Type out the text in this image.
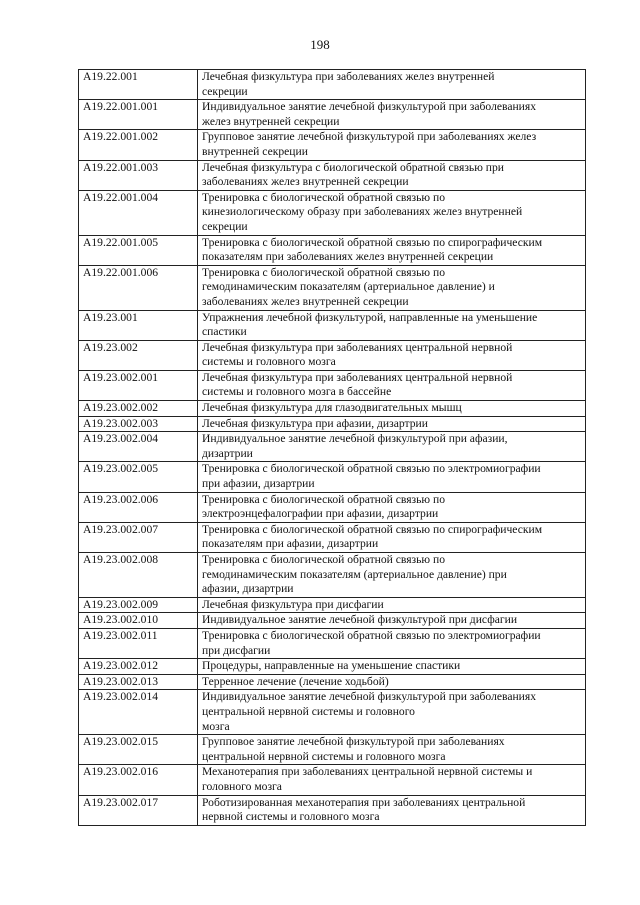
198
A19.22.001	Лечебная физкультура при заболеваниях желез внутренней
секреции
A19.22.001.001	Индивидуальное занятие лечебной физкультурой при заболеваниях
желез внутренней секреции
A19.22.001.002	Групповое занятие лечебной физкультурой при заболеваниях желез
внутренней секреции
A19.22.001.003	Лечебная физкультура с биологической обратной связью при
заболеваниях желез внутренней секреции
A19.22.001.004	Тренировка с биологической обратной связью по
кинезиологическому образу при заболеваниях желез внутренней
секреции
A19.22.001.005	Тренировка с биологической обратной связью по спирографическим
показателям при заболеваниях желез внутренней секреции
A19.22.001.006	Тренировка с биологической обратной связью по
гемодинамическим показателям (артериальное давление) и
заболеваниях желез внутренней секреции
A19.23.001	Упражнения лечебной физкультурой, направленные на уменьшение
спастики
A19.23.002	Лечебная физкультура при заболеваниях центральной нервной
системы и головного мозга
A19.23.002.001	Лечебная физкультура при заболеваниях центральной нервной
системы и головного мозга в бассейне
A19.23.002.002	Лечебная физкультура для глазодвигательных мышц
A19.23.002.003	Лечебная физкультура при афазии, дизартрии
A19.23.002.004	Индивидуальное занятие лечебной физкультурой при афазии,
дизартрии
A19.23.002.005	Тренировка с биологической обратной связью по электромиографии
при афазии, дизартрии
A19.23.002.006	Тренировка с биологической обратной связью по
электроэнцефалографии при афазии, дизартрии
A19.23.002.007	Тренировка с биологической обратной связью по спирографическим
показателям при афазии, дизартрии
A19.23.002.008	Тренировка с биологической обратной связью по
гемодинамическим показателям (артериальное давление) при
афазии, дизартрии
A19.23.002.009	Лечебная физкультура при дисфагии
A19.23.002.010	Индивидуальное занятие лечебной физкультурой при дисфагии
A19.23.002.011	Тренировка с биологической обратной связью по электромиографии
при дисфагии
A19.23.002.012	Процедуры, направленные на уменьшение спастики
A19.23.002.013	Терренное лечение (лечение ходьбой)
A19.23.002.014	Индивидуальное занятие лечебной физкультурой при заболеваниях
центральной нервной системы и головного
мозга
A19.23.002.015	Групповое занятие лечебной физкультурой при заболеваниях
центральной нервной системы и головного мозга
A19.23.002.016	Механотерапия при заболеваниях центральной нервной системы и
головного мозга
A19.23.002.017	Роботизированная механотерапия при заболеваниях центральной
нервной системы и головного мозга
